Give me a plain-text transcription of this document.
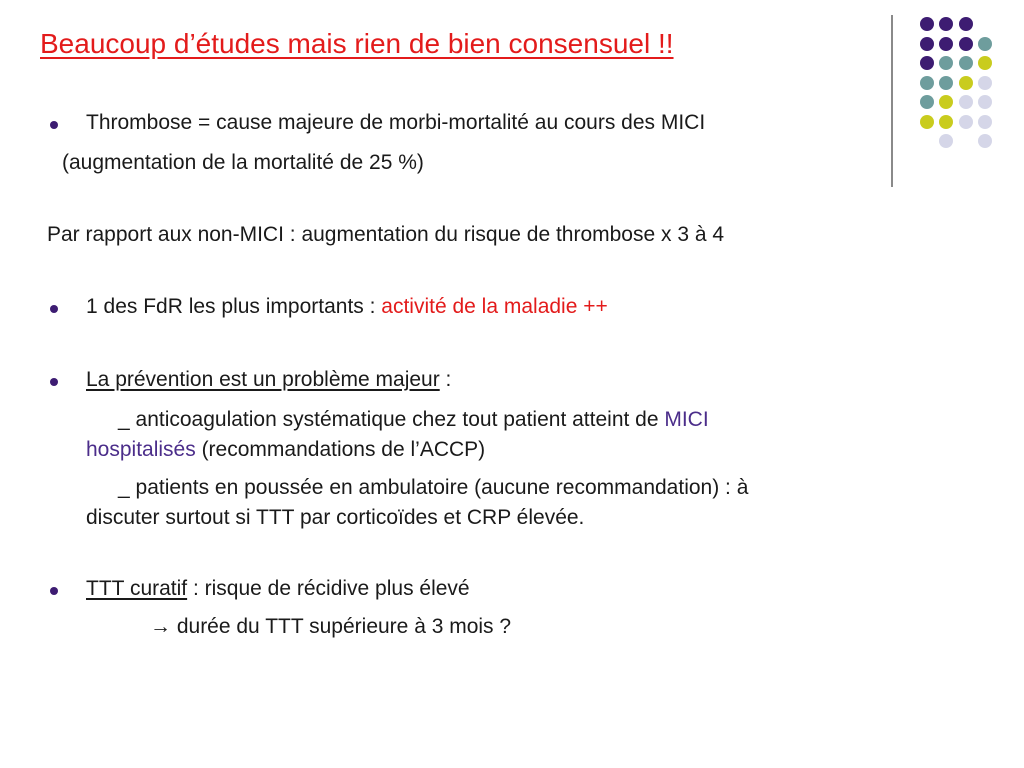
Beaucoup d’études mais rien de bien consensuel !!
Thrombose = cause majeure de morbi-mortalité au cours des MICI
(augmentation de la mortalité de 25 %)
Par rapport aux non-MICI : augmentation du risque de thrombose x 3 à 4
1 des FdR les plus importants : activité de la maladie ++
La prévention est un problème majeur :
_ anticoagulation systématique chez tout patient atteint de MICI
hospitalisés (recommandations de l’ACCP)
_ patients en poussée en ambulatoire (aucune recommandation) : à
discuter surtout si TTT par corticoïdes et CRP élevée.
TTT curatif : risque de récidive plus élevé
→ durée du TTT supérieure à 3 mois ?
